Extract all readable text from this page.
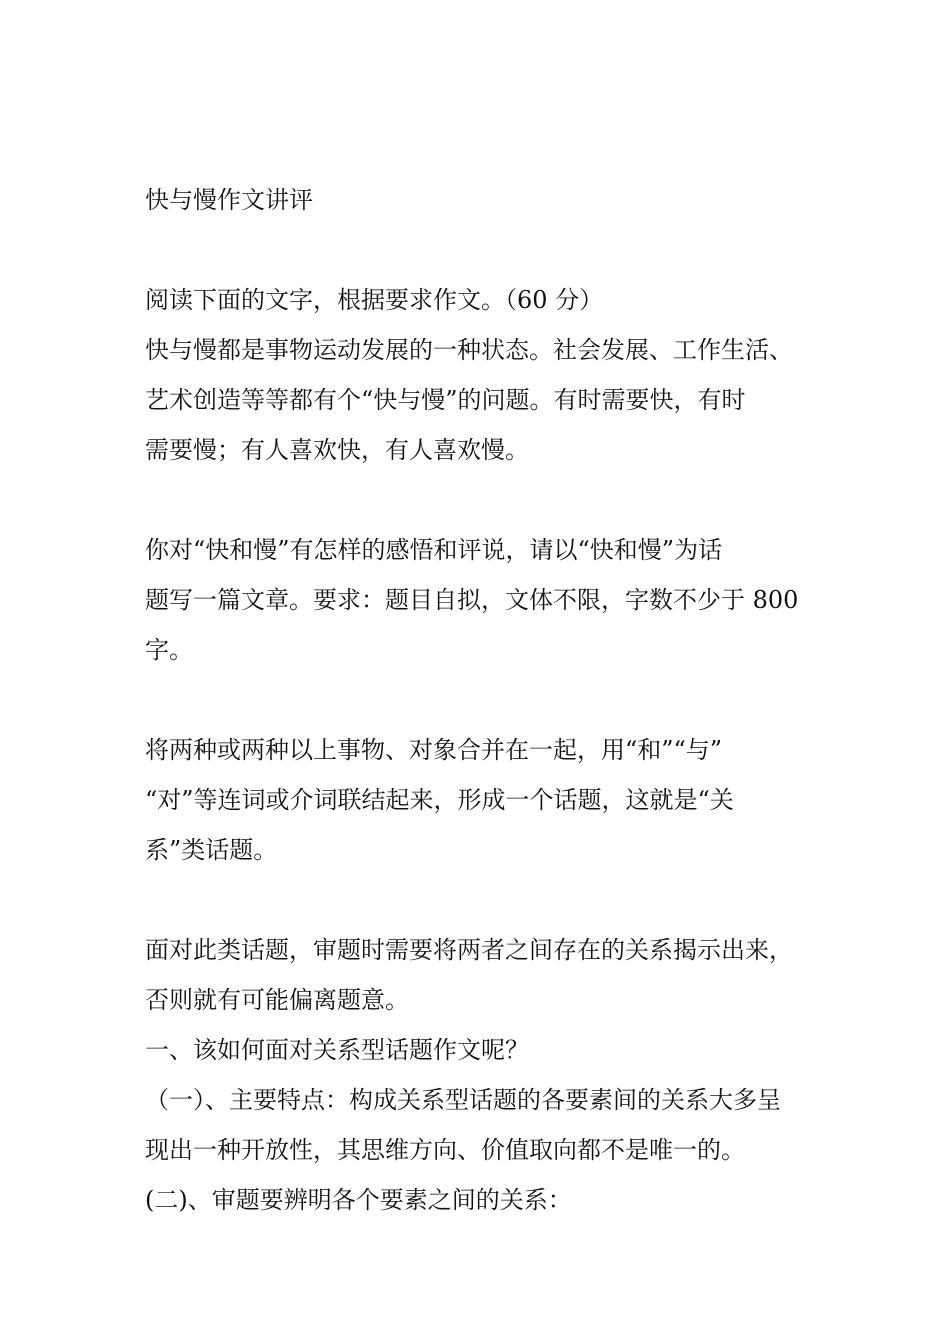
快与慢作文讲评
阅读下面的文字，根据要求作文。（60 分）
快与慢都是事物运动发展的一种状态。社会发展、工作生活、
艺术创造等等都有个“快与慢”的问题。有时需要快，有时
需要慢；有人喜欢快，有人喜欢慢。
你对“快和慢”有怎样的感悟和评说，请以“快和慢”为话
题写一篇文章。要求：题目自拟，文体不限，字数不少于 800
字。
将两种或两种以上事物、对象合并在一起，用“和”“与”
“对”等连词或介词联结起来，形成一个话题，这就是“关
系”类话题。
面对此类话题，审题时需要将两者之间存在的关系揭示出来，
否则就有可能偏离题意。
一、该如何面对关系型话题作文呢？
（一）、主要特点：构成关系型话题的各要素间的关系大多呈
现出一种开放性，其思维方向、价值取向都不是唯一的。
(二)、审题要辨明各个要素之间的关系：
